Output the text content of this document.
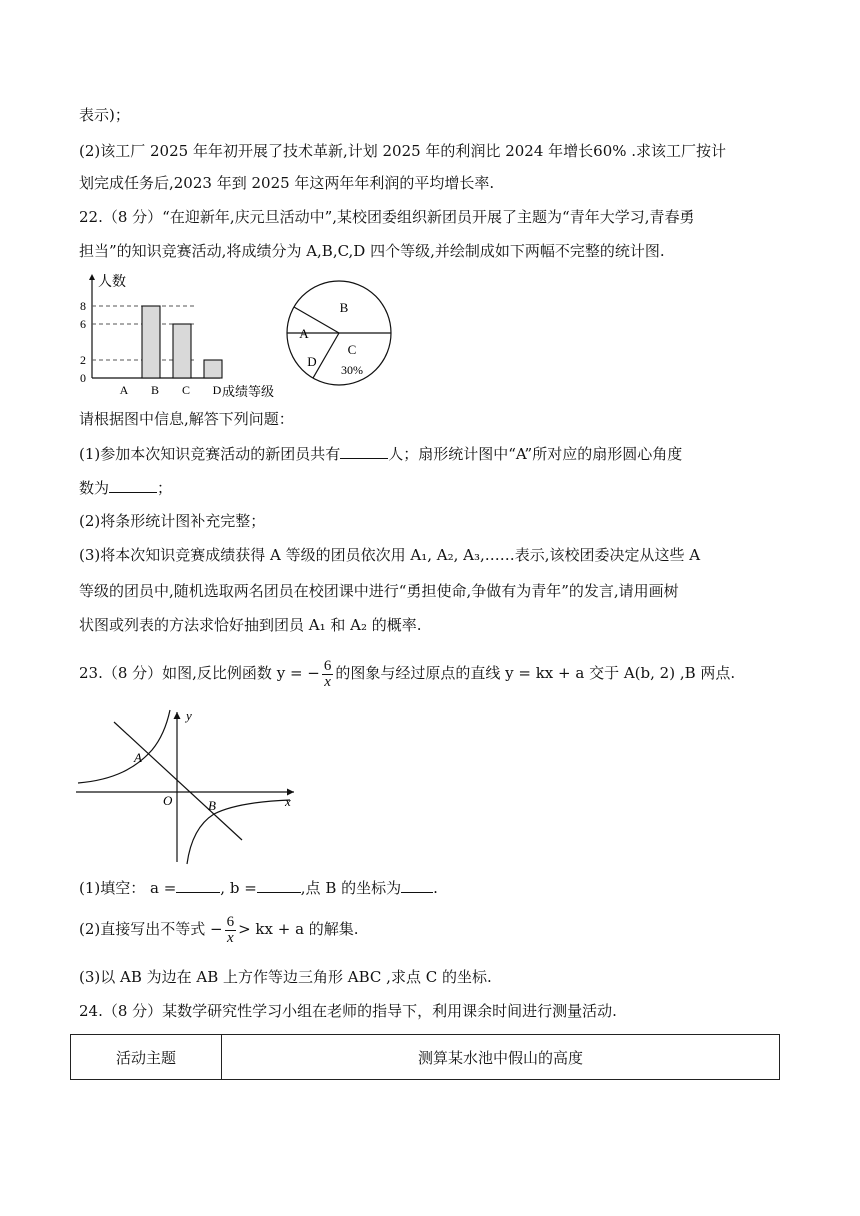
表示)；
(2)该工厂 2025 年年初开展了技术革新,计划 2025 年的利润比 2024 年增长60% .求该工厂按计
划完成任务后,2023 年到 2025 年这两年年利润的平均增长率.
22.（8 分）“在迎新年,庆元旦活动中”,某校团委组织新团员开展了主题为“青年大学习,青春勇
担当”的知识竞赛活动,将成绩分为 A,B,C,D 四个等级,并绘制成如下两幅不完整的统计图.
0
2
6
8
A B C D
人数
成绩等级
A
B
C
D
30%
请根据图中信息,解答下列问题：
(1)参加本次知识竞赛活动的新团员共有	人；扇形统计图中“A”所对应的扇形圆心角度
数为	；
(2)将条形统计图补充完整；
(3)将本次知识竞赛成绩获得 A 等级的团员依次用 A₁, A₂, A₃,……表示,该校团委决定从这些 A
等级的团员中,随机选取两名团员在校团课中进行“勇担使命,争做有为青年”的发言,请用画树
状图或列表的方法求恰好抽到团员 A₁ 和 A₂ 的概率.
23.（8 分）如图,反比例函数 y = − $\frac{6}{x}$ 的图象与经过原点的直线 y = kx + a 交于 A(b, 2) ,B 两点.
y
x
O
A
B
(1)填空： a =	, b =	,点 B 的坐标为 .
(2)直接写出不等式 − $\frac{6}{x}$ > kx + a 的解集.
(3)以 AB 为边在 AB 上方作等边三角形 ABC ,求点 C 的坐标.
24.（8 分）某数学研究性学习小组在老师的指导下，利用课余时间进行测量活动.
活动主题	测算某水池中假山的高度
